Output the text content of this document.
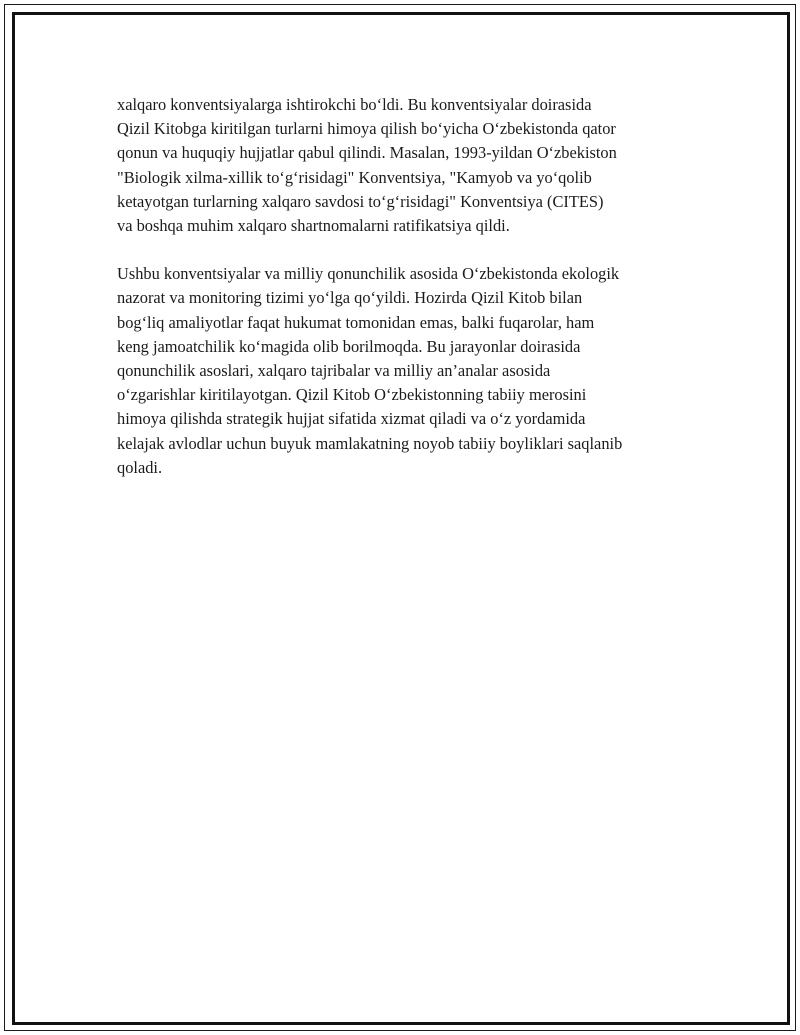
xalqaro konventsiyalarga ishtirokchi bo‘ldi. Bu konventsiyalar doirasida
Qizil Kitobga kiritilgan turlarni himoya qilish bo‘yicha O‘zbekistonda qator
qonun va huquqiy hujjatlar qabul qilindi. Masalan, 1993-yildan O‘zbekiston
"Biologik xilma-xillik to‘g‘risidagi" Konventsiya, "Kamyob va yo‘qolib
ketayotgan turlarning xalqaro savdosi to‘g‘risidagi" Konventsiya (CITES)
va boshqa muhim xalqaro shartnomalarni ratifikatsiya qildi.

Ushbu konventsiyalar va milliy qonunchilik asosida O‘zbekistonda ekologik
nazorat va monitoring tizimi yo‘lga qo‘yildi. Hozirda Qizil Kitob bilan
bog‘liq amaliyotlar faqat hukumat tomonidan emas, balki fuqarolar, ham
keng jamoatchilik ko‘magida olib borilmoqda. Bu jarayonlar doirasida
qonunchilik asoslari, xalqaro tajribalar va milliy an’analar asosida
o‘zgarishlar kiritilayotgan. Qizil Kitob O‘zbekistonning tabiiy merosini
himoya qilishda strategik hujjat sifatida xizmat qiladi va o‘z yordamida
kelajak avlodlar uchun buyuk mamlakatning noyob tabiiy boyliklari saqlanib
qoladi.
